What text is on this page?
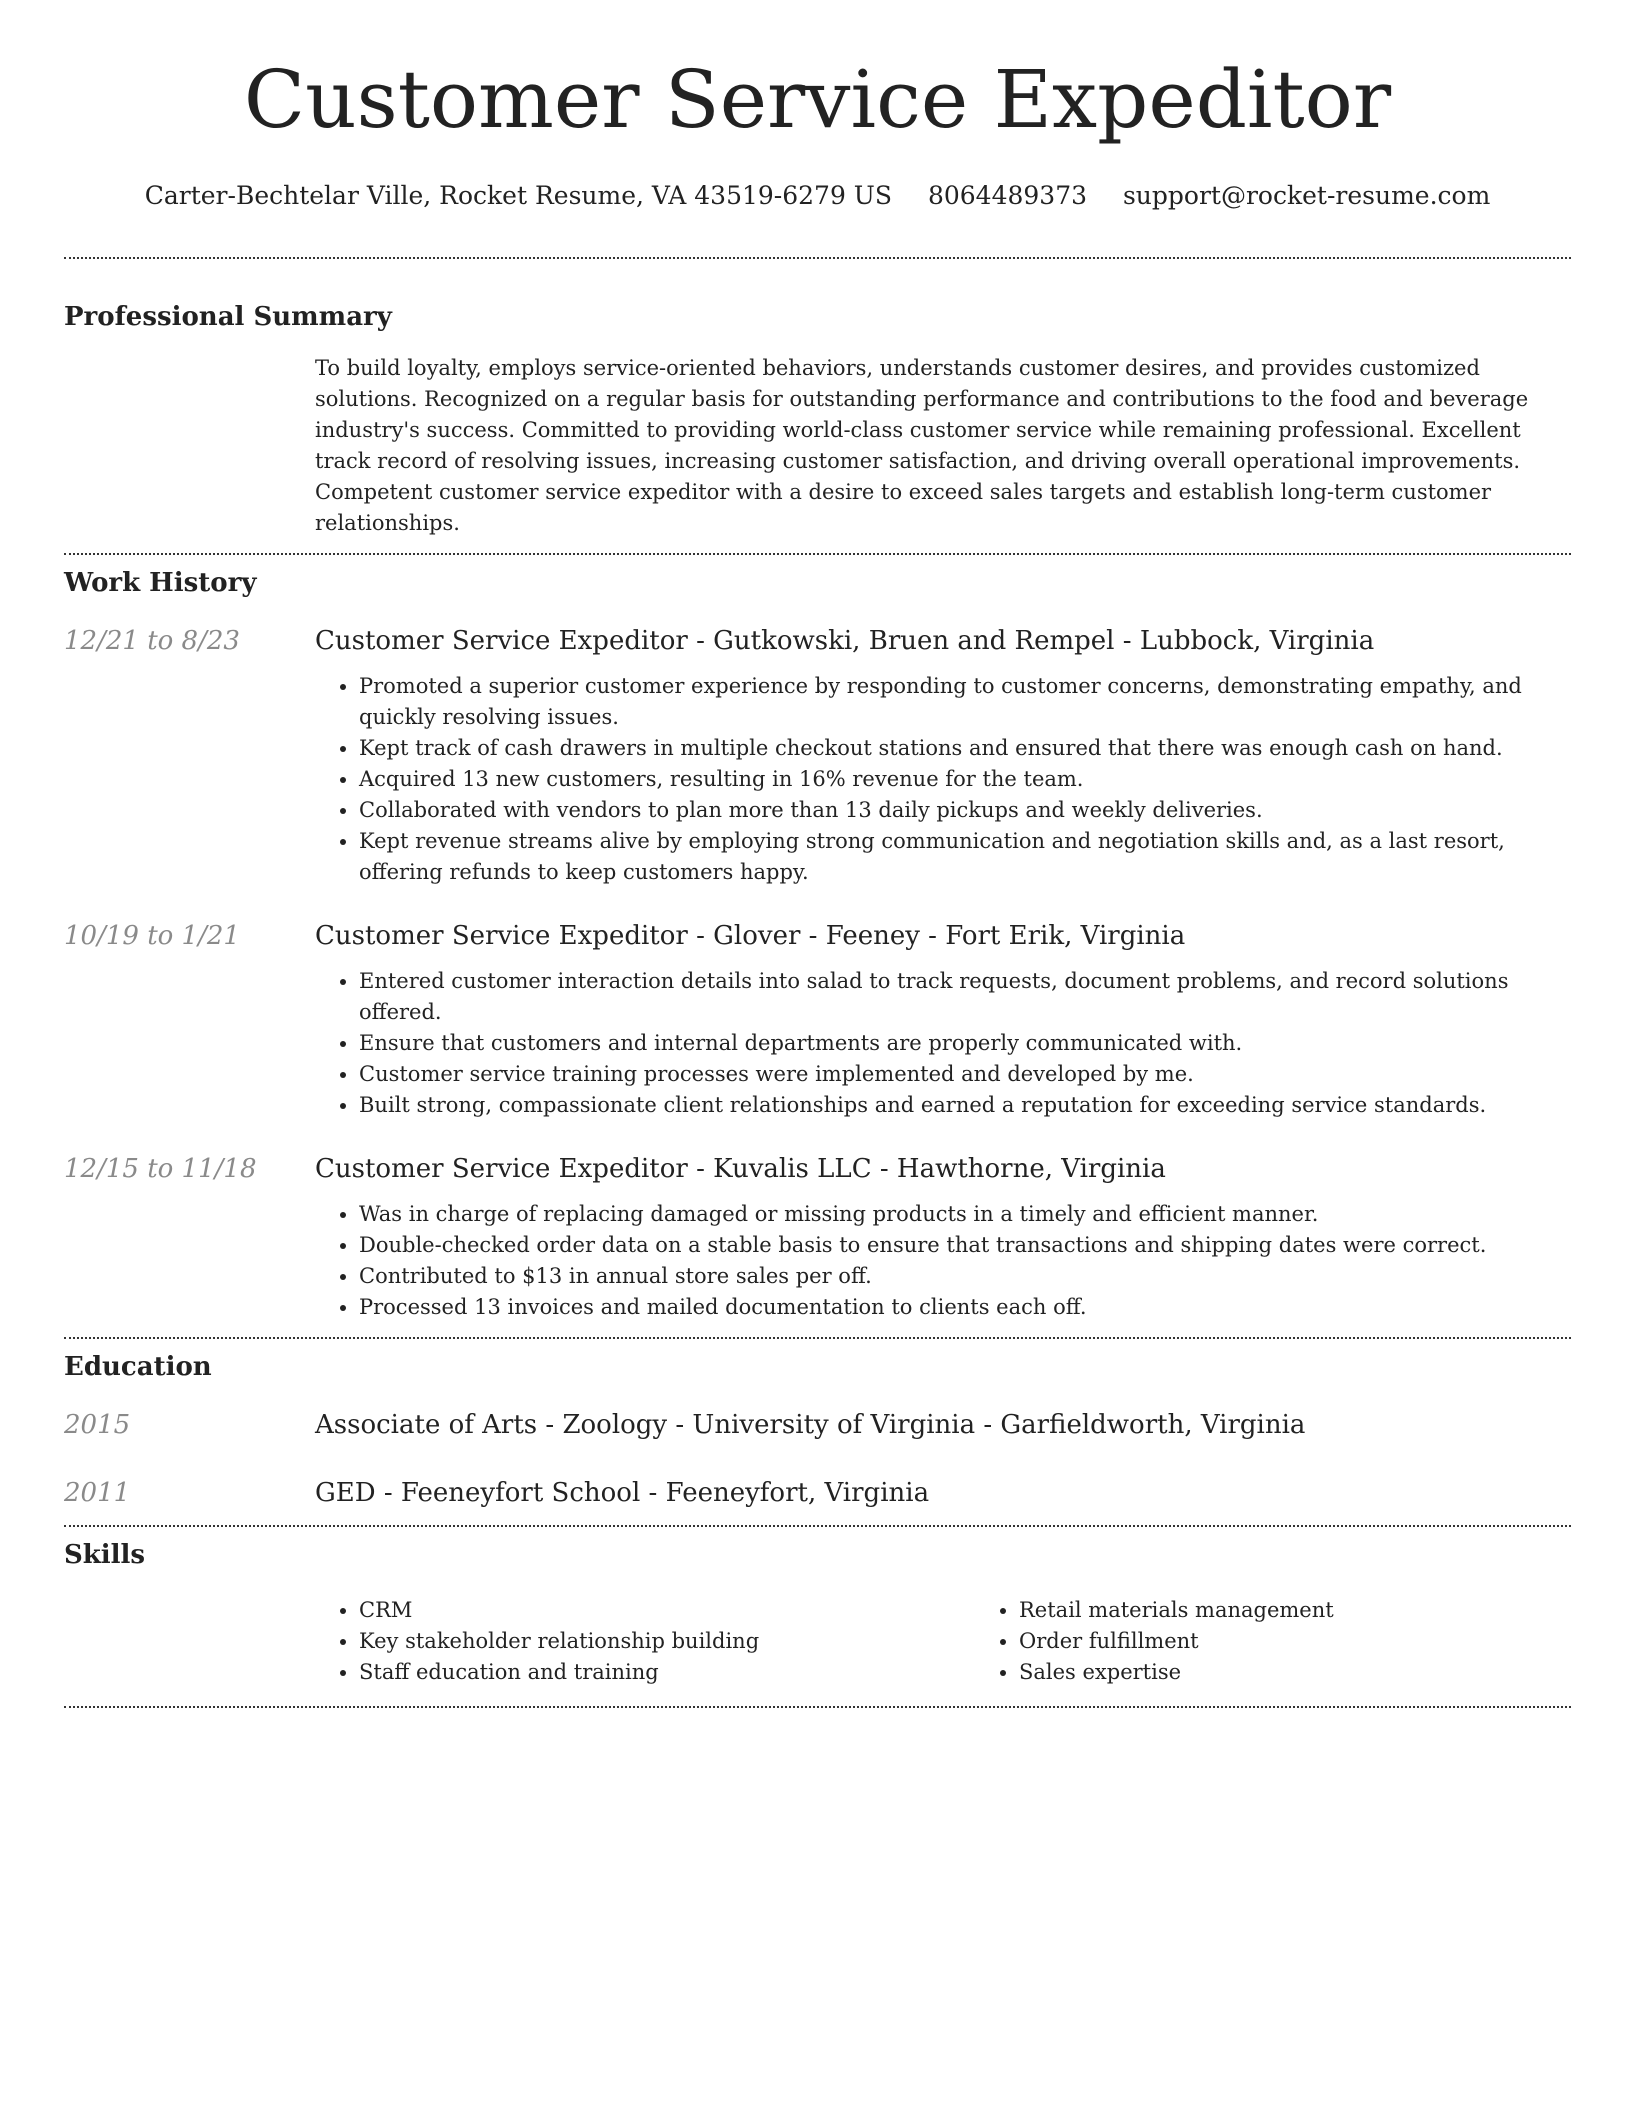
Customer Service Expeditor
Carter-Bechtelar Ville, Rocket Resume, VA 43519-6279 US 8064489373 support@rocket-resume.com
Professional Summary
To build loyalty, employs service-oriented behaviors, understands customer desires, and provides customized solutions. Recognized on a regular basis for outstanding performance and contributions to the food and beverage industry's success. Committed to providing world-class customer service while remaining professional. Excellent track record of resolving issues, increasing customer satisfaction, and driving overall operational improvements. Competent customer service expeditor with a desire to exceed sales targets and establish long-term customer relationships.
Work History
12/21 to 8/23	Customer Service Expeditor - Gutkowski, Bruen and Rempel - Lubbock, Virginia
• Promoted a superior customer experience by responding to customer concerns, demonstrating empathy, and quickly resolving issues.
• Kept track of cash drawers in multiple checkout stations and ensured that there was enough cash on hand.
• Acquired 13 new customers, resulting in 16% revenue for the team.
• Collaborated with vendors to plan more than 13 daily pickups and weekly deliveries.
• Kept revenue streams alive by employing strong communication and negotiation skills and, as a last resort, offering refunds to keep customers happy.
10/19 to 1/21	Customer Service Expeditor - Glover - Feeney - Fort Erik, Virginia
• Entered customer interaction details into salad to track requests, document problems, and record solutions offered.
• Ensure that customers and internal departments are properly communicated with.
• Customer service training processes were implemented and developed by me.
• Built strong, compassionate client relationships and earned a reputation for exceeding service standards.
12/15 to 11/18	Customer Service Expeditor - Kuvalis LLC - Hawthorne, Virginia
• Was in charge of replacing damaged or missing products in a timely and efficient manner.
• Double-checked order data on a stable basis to ensure that transactions and shipping dates were correct.
• Contributed to $13 in annual store sales per off.
• Processed 13 invoices and mailed documentation to clients each off.
Education
2015	Associate of Arts - Zoology - University of Virginia - Garfieldworth, Virginia
2011	GED - Feeneyfort School - Feeneyfort, Virginia
Skills
• CRM
• Key stakeholder relationship building
• Staff education and training
• Retail materials management
• Order fulfillment
• Sales expertise
